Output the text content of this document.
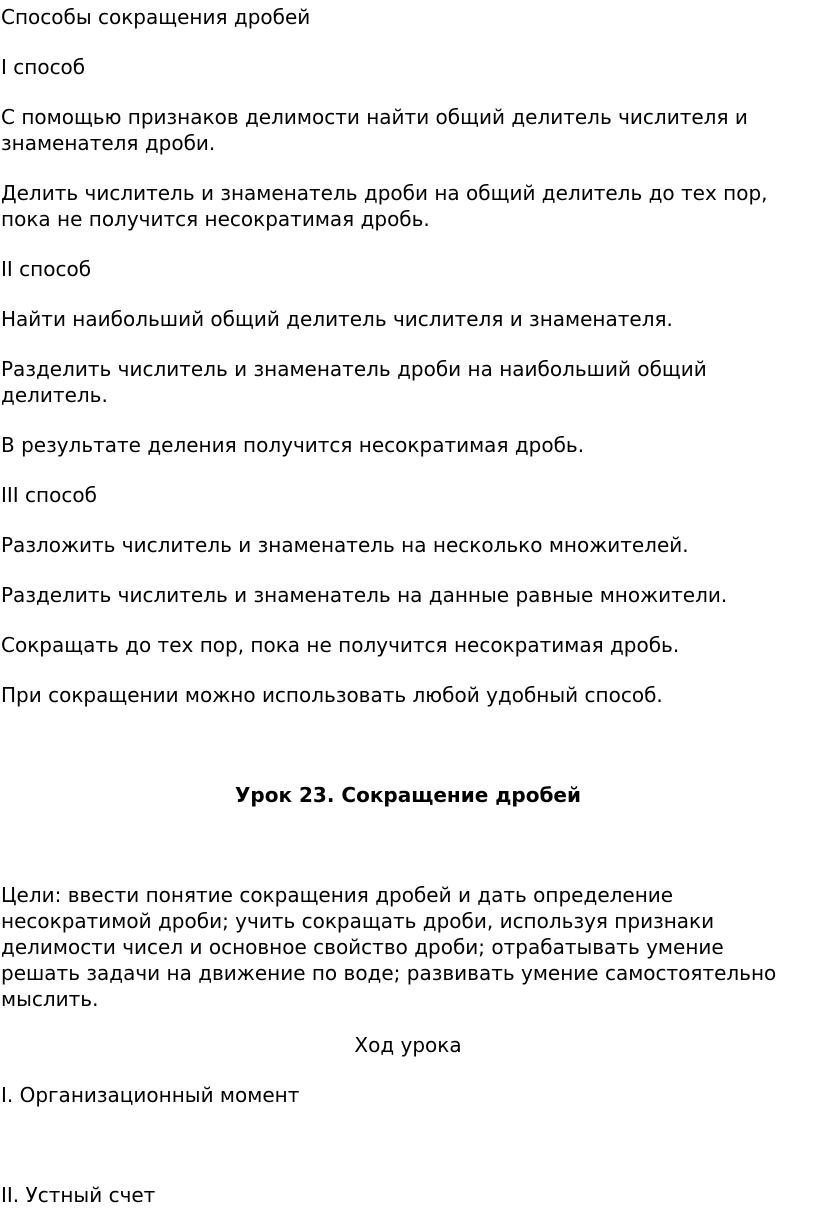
Способы сокращения дробей

I способ

С помощью признаков делимости найти общий делитель числителя и

знаменателя дроби.

Делить числитель и знаменатель дроби на общий делитель до тех пор,

пока не получится несократимая дробь.

II способ

Найти наибольший общий делитель числителя и знаменателя.

Разделить числитель и знаменатель дроби на наибольший общий

делитель.

В результате деления получится несократимая дробь.

III способ

Разложить числитель и знаменатель на несколько множителей.

Разделить числитель и знаменатель на данные равные множители.

Сокращать до тех пор, пока не получится несократимая дробь.

При сокращении можно использовать любой удобный способ.

Урок 23. Сокращение дробей

Цели: ввести понятие сокращения дробей и дать определение

несократимой дроби; учить сокращать дроби, используя признаки

делимости чисел и основное свойство дроби; отрабатывать умение

решать задачи на движение по воде; развивать умение самостоятельно

мыслить.

Ход урока

I. Организационный момент

II. Устный счет
